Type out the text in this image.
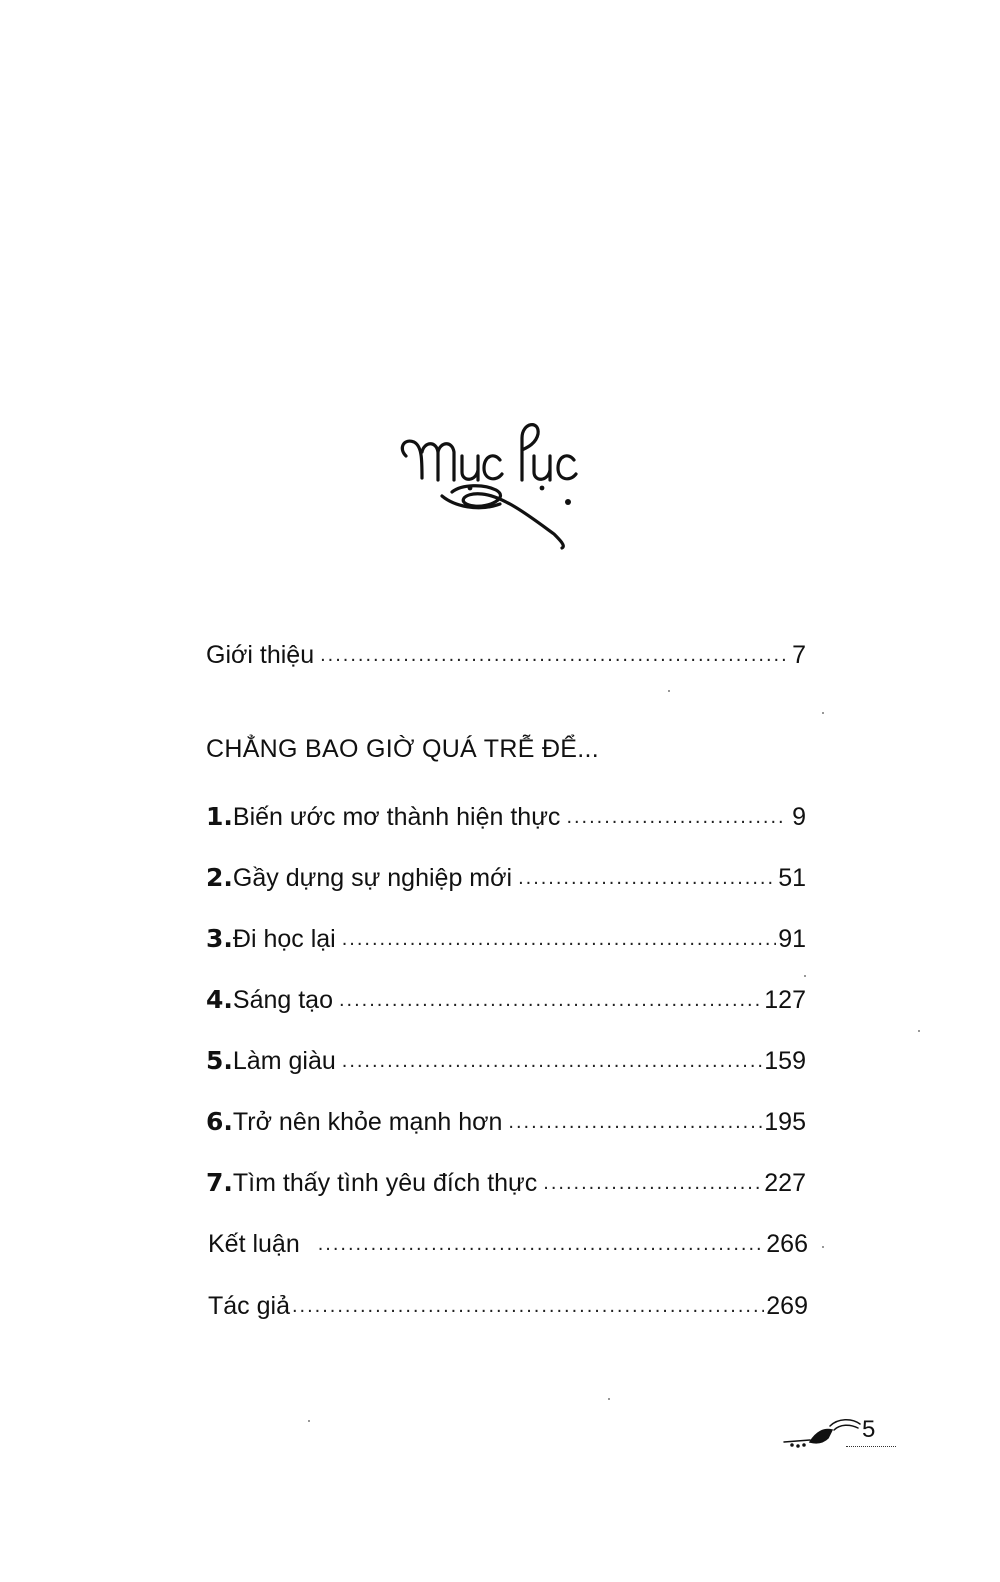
Giới thiệu .....	7
CHẲNG BAO GIỜ QUÁ TRỄ ĐỂ...
1. Biến ước mơ thành hiện thực .....	9
2. Gầy dựng sự nghiệp mới .....	51
3. Đi học lại .....	91
4. Sáng tạo .....	127
5. Làm giàu .....	159
6. Trở nên khỏe mạnh hơn .....	195
7. Tìm thấy tình yêu đích thực .....	227
Kết luận .....	266
Tác giả .....	269
5
